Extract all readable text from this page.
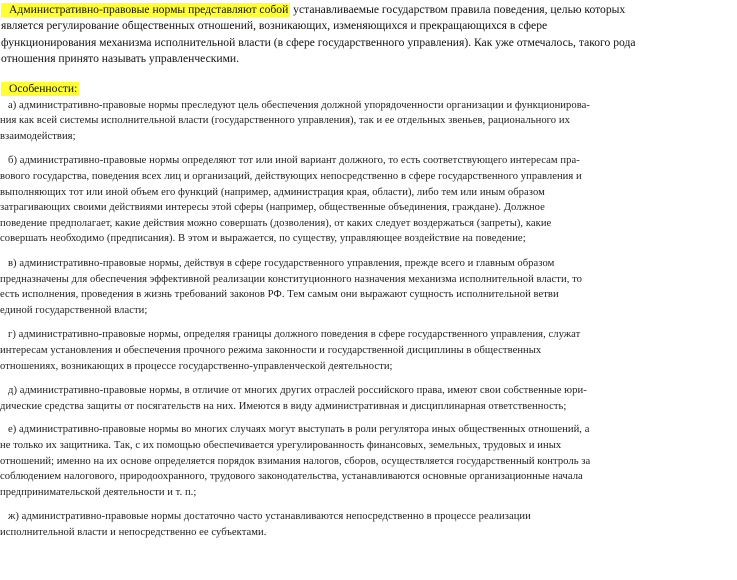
Административно-правовые нормы представляют собой устанавливаемые государством правила поведения, целью которых
является регулирование общественных отношений, возникающих, изменяющихся и прекращающихся в сфере
функционирования механизма исполнительной власти (в сфере государственного управления). Как уже отмечалось, такого рода
отношения принято называть управленческими.
Особенности:
а) административно-правовые нормы преследуют цель обеспечения должной упорядоченности организации и функционирова-
ния как всей системы исполнительной власти (государственного управления), так и ее отдельных звеньев, рационального их
взаимодействия;
б) административно-правовые нормы определяют тот или иной вариант должного, то есть соответствующего интересам пра-
вового государства, поведения всех лиц и организаций, действующих непосредственно в сфере государственного управления и
выполняющих тот или иной объем его функций (например, администрация края, области), либо тем или иным образом
затрагивающих своими действиями интересы этой сферы (например, общественные объединения, граждане). Должное
поведение предполагает, какие действия можно совершать (дозволения), от каких следует воздержаться (запреты), какие
совершать необходимо (предписания). В этом и выражается, по существу, управляющее воздействие на поведение;
в) административно-правовые нормы, действуя в сфере государственного управления, прежде всего и главным образом
предназначены для обеспечения эффективной реализации конституционного назначения механизма исполнительной власти, то
есть исполнения, проведения в жизнь требований законов РФ. Тем самым они выражают сущность исполнительной ветви
единой государственной власти;
г) административно-правовые нормы, определяя границы должного поведения в сфере государственного управления, служат
интересам установления и обеспечения прочного режима законности и государственной дисциплины в общественных
отношениях, возникающих в процессе государственно-управленческой деятельности;
д) административно-правовые нормы, в отличие от многих других отраслей российского права, имеют свои собственные юри-
дические средства защиты от посягательств на них. Имеются в виду административная и дисциплинарная ответственность;
е) административно-правовые нормы во многих случаях могут выступать в роли регулятора иных общественных отношений, а
не только их защитника. Так, с их помощью обеспечивается урегулированность финансовых, земельных, трудовых и иных
отношений; именно на их основе определяется порядок взимания налогов, сборов, осуществляется государственный контроль за
соблюдением налогового, природоохранного, трудового законодательства, устанавливаются основные организационные начала
предпринимательской деятельности и т. п.;
ж) административно-правовые нормы достаточно часто устанавливаются непосредственно в процессе реализации
исполнительной власти и непосредственно ее субъектами.
